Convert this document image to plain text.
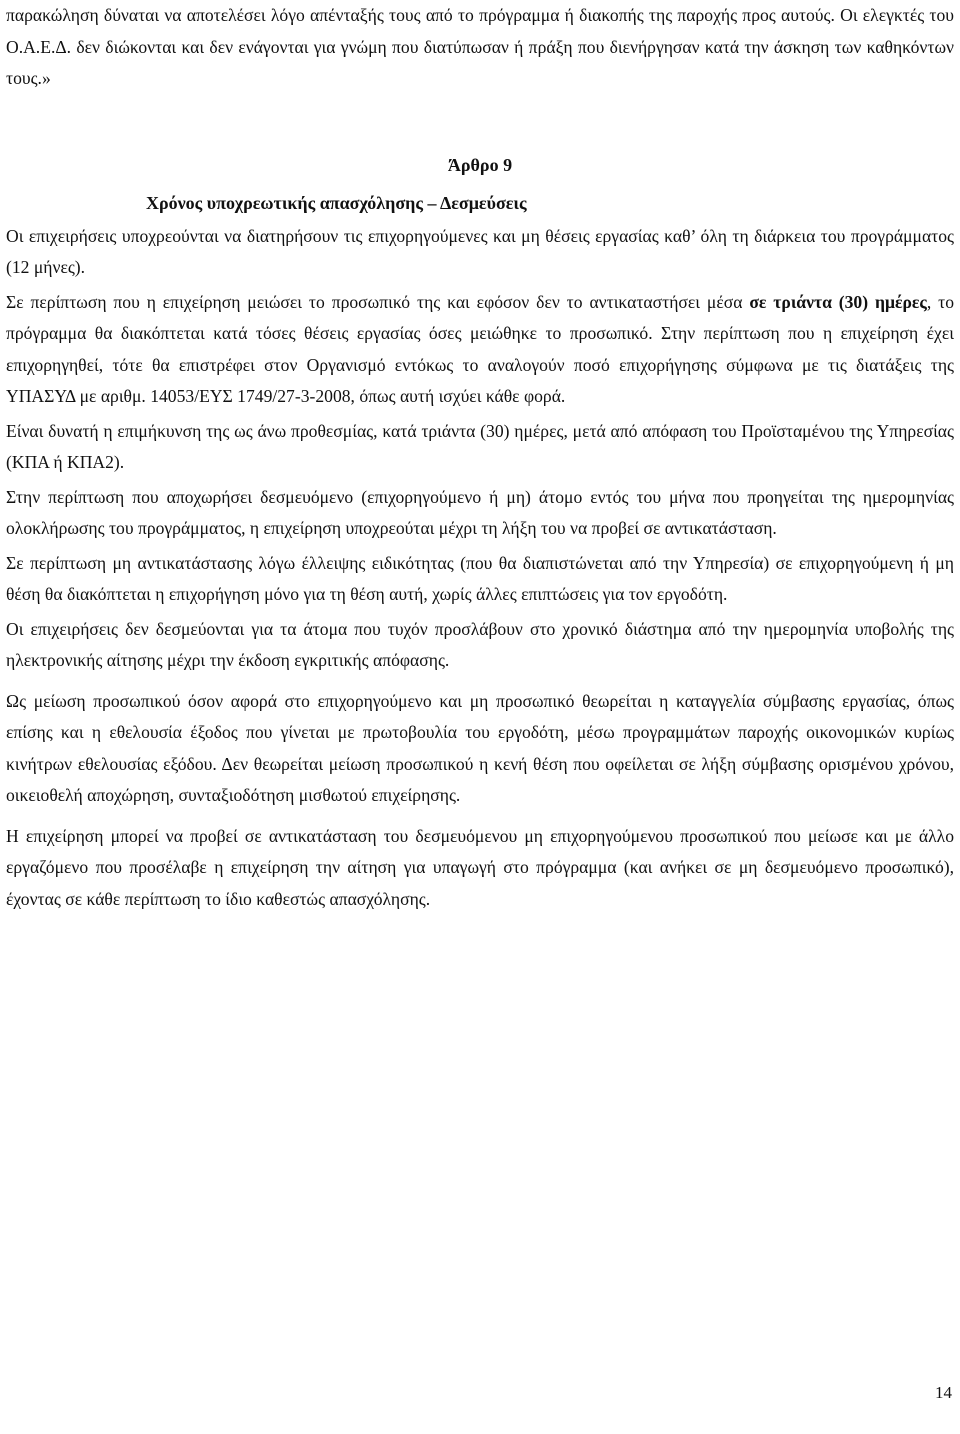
παρακώληση δύναται να αποτελέσει λόγο απένταξής τους από το πρόγραμμα ή διακοπής της παροχής προς αυτούς. Οι ελεγκτές του Ο.Α.Ε.Δ. δεν διώκονται και δεν ενάγονται για γνώμη που διατύπωσαν ή πράξη που διενήργησαν κατά την άσκηση των καθηκόντων τους.»

Άρθρο 9
Χρόνος υποχρεωτικής απασχόλησης – Δεσμεύσεις

Οι επιχειρήσεις υποχρεούνται να διατηρήσουν τις επιχορηγούμενες και μη θέσεις εργασίας καθ’ όλη τη διάρκεια του προγράμματος (12 μήνες).

Σε περίπτωση που η επιχείρηση μειώσει το προσωπικό της και εφόσον δεν το αντικαταστήσει μέσα σε τριάντα (30) ημέρες, το πρόγραμμα θα διακόπτεται κατά τόσες θέσεις εργασίας όσες μειώθηκε το προσωπικό. Στην περίπτωση που η επιχείρηση έχει επιχορηγηθεί, τότε θα επιστρέφει στον Οργανισμό εντόκως το αναλογούν ποσό επιχορήγησης σύμφωνα με τις διατάξεις της ΥΠΑΣΥΔ με αριθμ. 14053/ΕΥΣ 1749/27-3-2008, όπως αυτή ισχύει κάθε φορά.

Είναι δυνατή η επιμήκυνση της ως άνω προθεσμίας, κατά τριάντα (30) ημέρες, μετά από απόφαση του Προϊσταμένου της Υπηρεσίας (ΚΠΑ ή ΚΠΑ2).

Στην περίπτωση που αποχωρήσει δεσμευόμενο (επιχορηγούμενο ή μη) άτομο εντός του μήνα που προηγείται της ημερομηνίας ολοκλήρωσης του προγράμματος, η επιχείρηση υποχρεούται μέχρι τη λήξη του να προβεί σε αντικατάσταση.

Σε περίπτωση μη αντικατάστασης λόγω έλλειψης ειδικότητας (που θα διαπιστώνεται από την Υπηρεσία) σε επιχορηγούμενη ή μη θέση θα διακόπτεται η επιχορήγηση μόνο για τη θέση αυτή, χωρίς άλλες επιπτώσεις για τον εργοδότη.

Οι επιχειρήσεις δεν δεσμεύονται για τα άτομα που τυχόν προσλάβουν στο χρονικό διάστημα από την ημερομηνία υποβολής της ηλεκτρονικής αίτησης μέχρι την έκδοση εγκριτικής απόφασης.

Ως μείωση προσωπικού όσον αφορά στο επιχορηγούμενο και μη προσωπικό θεωρείται η καταγγελία σύμβασης εργασίας, όπως επίσης και η εθελουσία έξοδος που γίνεται με πρωτοβουλία του εργοδότη, μέσω προγραμμάτων παροχής οικονομικών κυρίως κινήτρων εθελουσίας εξόδου. Δεν θεωρείται μείωση προσωπικού η κενή θέση που οφείλεται σε λήξη σύμβασης ορισμένου χρόνου, οικειοθελή αποχώρηση, συνταξιοδότηση μισθωτού επιχείρησης.

Η επιχείρηση μπορεί να προβεί σε αντικατάσταση του δεσμευόμενου μη επιχορηγούμενου προσωπικού που μείωσε και με άλλο εργαζόμενο που προσέλαβε η επιχείρηση την αίτηση για υπαγωγή στο πρόγραμμα (και ανήκει σε μη δεσμευόμενο προσωπικό), έχοντας σε κάθε περίπτωση το ίδιο καθεστώς απασχόλησης.

14
